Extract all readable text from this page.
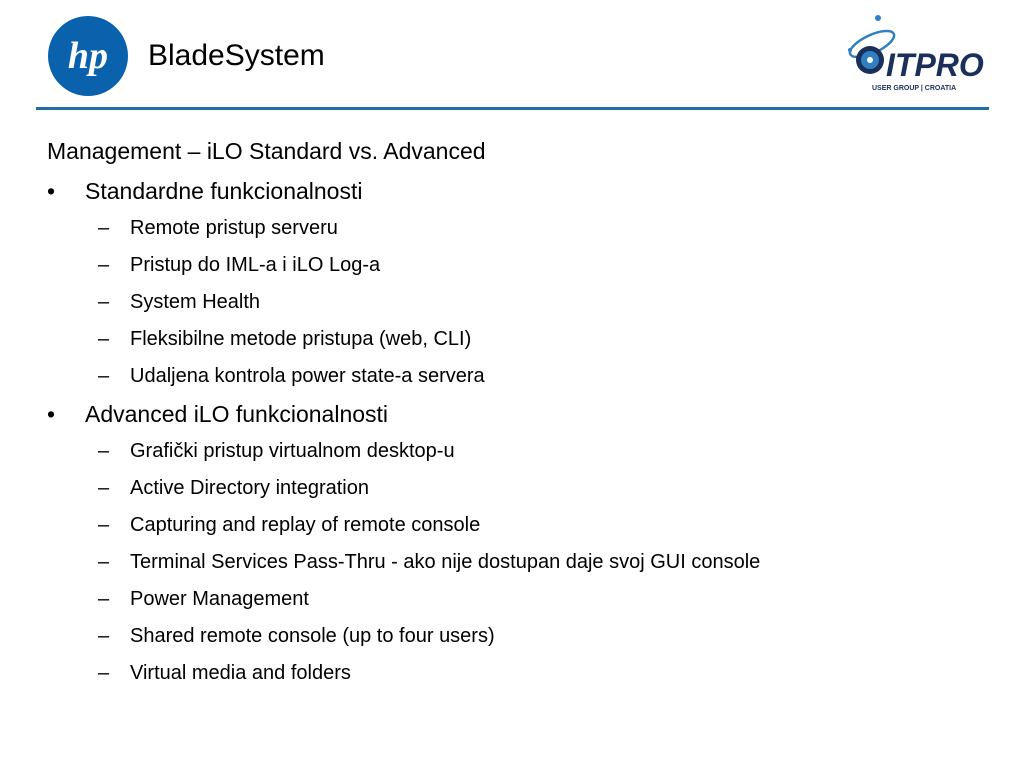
hp BladeSystem	ITPRO
USER GROUP | CROATIA
Management – iLO Standard vs. Advanced
•	Standardne funkcionalnosti
– Remote pristup serveru
– Pristup do IML-a i iLO Log-a
– System Health
– Fleksibilne metode pristupa (web, CLI)
– Udaljena kontrola power state-a servera
•	Advanced iLO funkcionalnosti
– Grafički pristup virtualnom desktop-u
– Active Directory integration
– Capturing and replay of remote console
– Terminal Services Pass-Thru - ako nije dostupan daje svoj GUI console
– Power Management
– Shared remote console (up to four users)
– Virtual media and folders
